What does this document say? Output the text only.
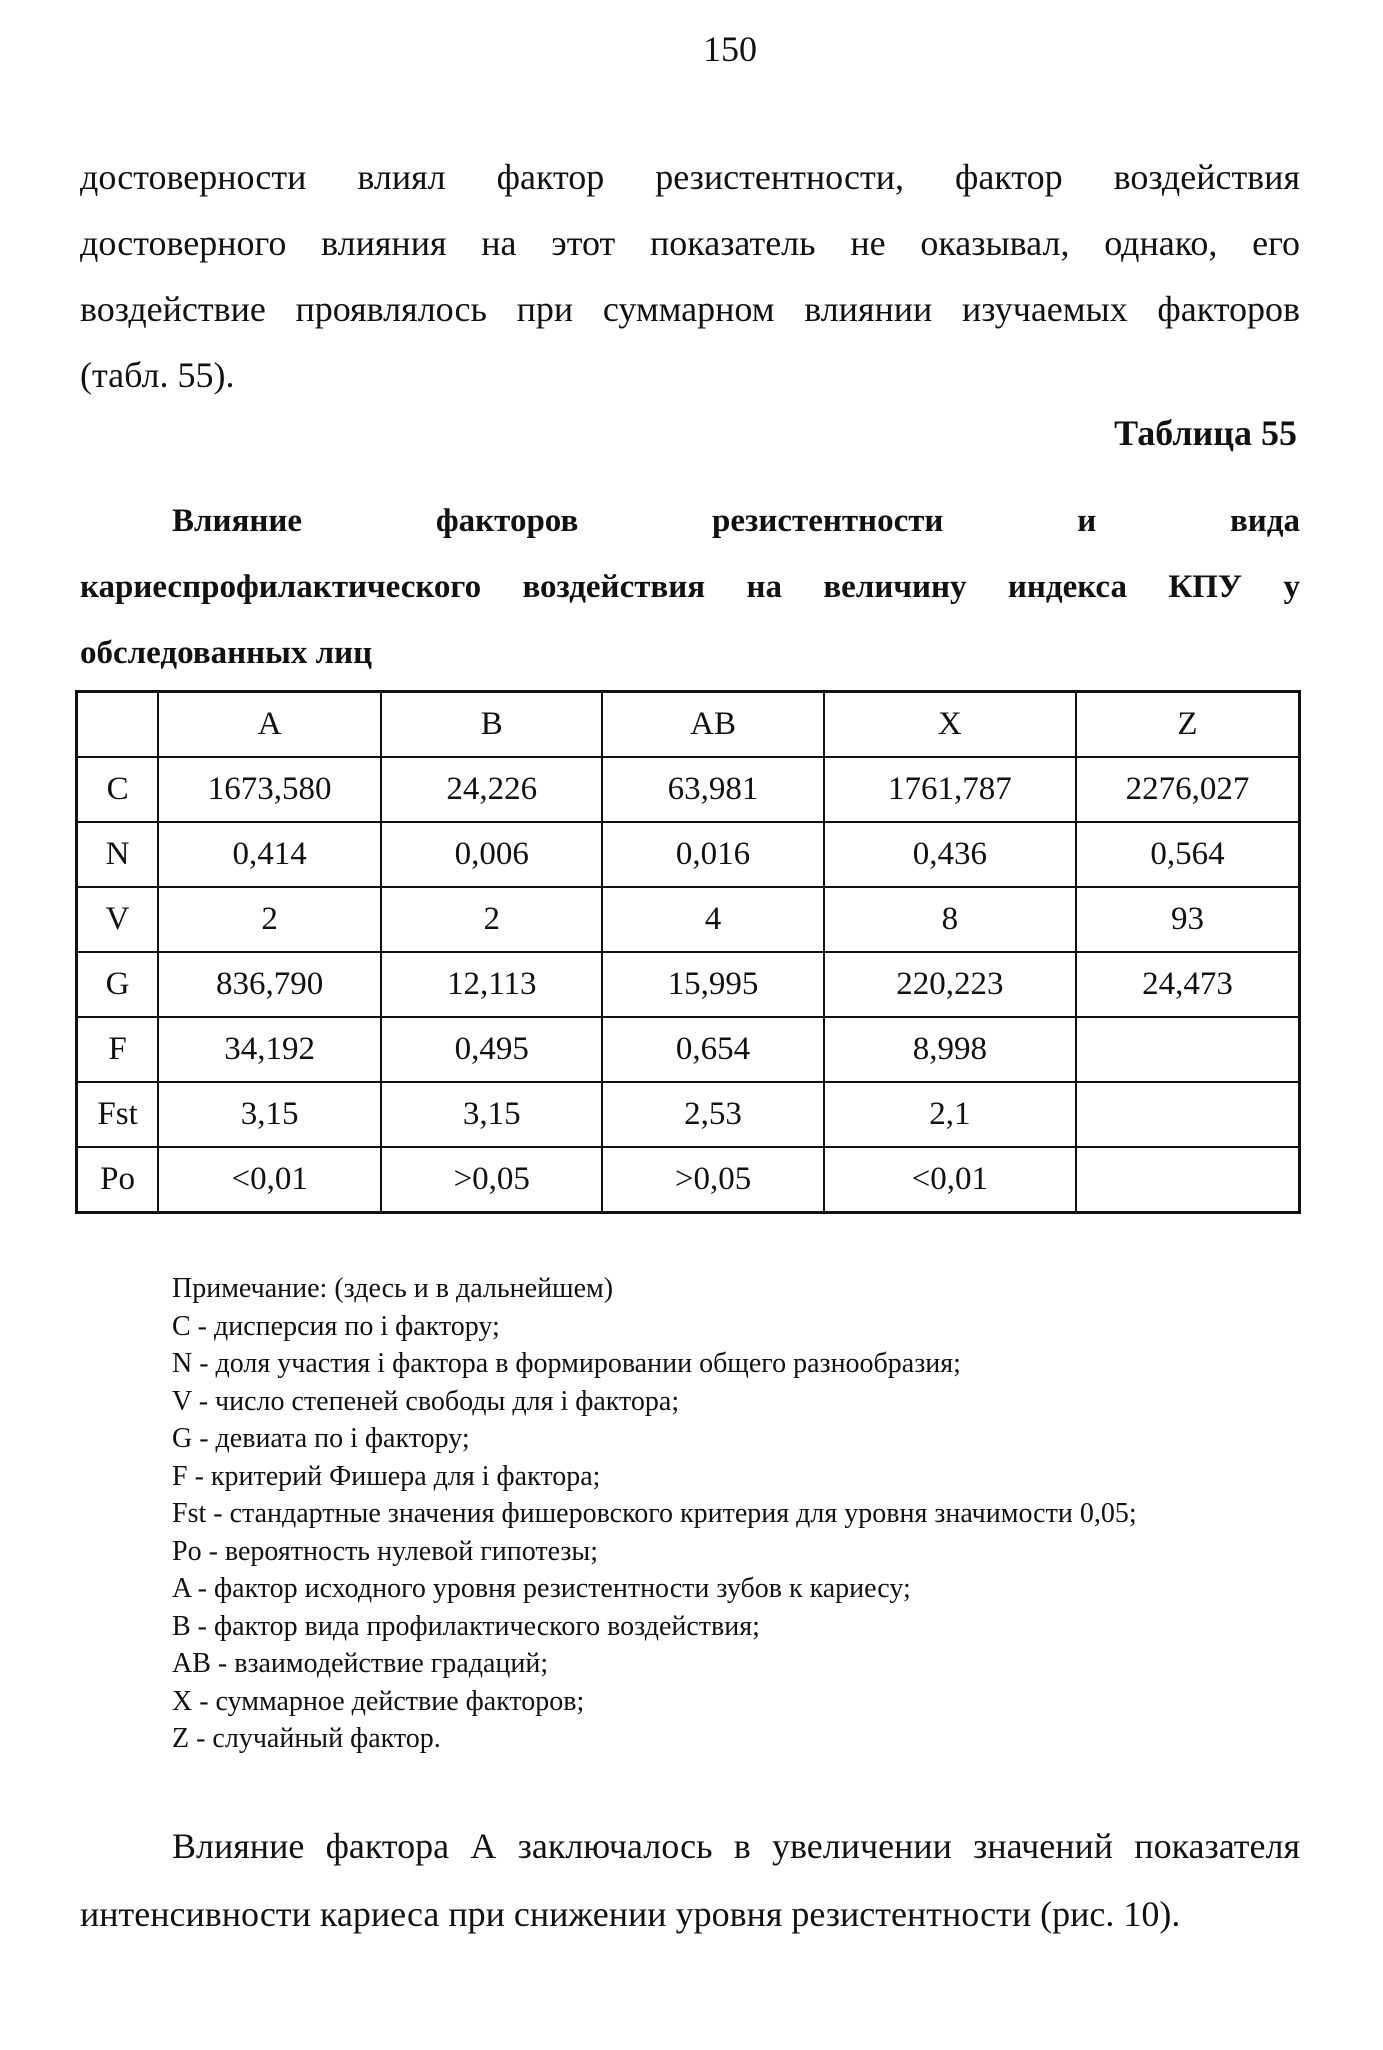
150
достоверности влиял фактор резистентности, фактор воздействия
достоверного влияния на этот показатель не оказывал, однако, его
воздействие проявлялось при суммарном влиянии изучаемых факторов
(табл. 55).
Таблица 55
Влияние факторов резистентности и вида
кариеспрофилактического воздействия на величину индекса КПУ у
обследованных лиц
	A	B	AB	X	Z
C	1673,580	24,226	63,981	1761,787	2276,027
N	0,414	0,006	0,016	0,436	0,564
V	2	2	4	8	93
G	836,790	12,113	15,995	220,223	24,473
F	34,192	0,495	0,654	8,998	
Fst	3,15	3,15	2,53	2,1	
Po	<0,01	>0,05	>0,05	<0,01	
Примечание: (здесь и в дальнейшем)
C - дисперсия по i фактору;
N - доля участия i фактора в формировании общего разнообразия;
V - число степеней свободы для i фактора;
G - девиата по i фактору;
F - критерий Фишера для i фактора;
Fst - стандартные значения фишеровского критерия для уровня значимости 0,05;
Po - вероятность нулевой гипотезы;
A - фактор исходного уровня резистентности зубов к кариесу;
B - фактор вида профилактического воздействия;
AB - взаимодействие градаций;
X - суммарное действие факторов;
Z - случайный фактор.
Влияние фактора А заключалось в увеличении значений показателя
интенсивности кариеса при снижении уровня резистентности (рис. 10).
